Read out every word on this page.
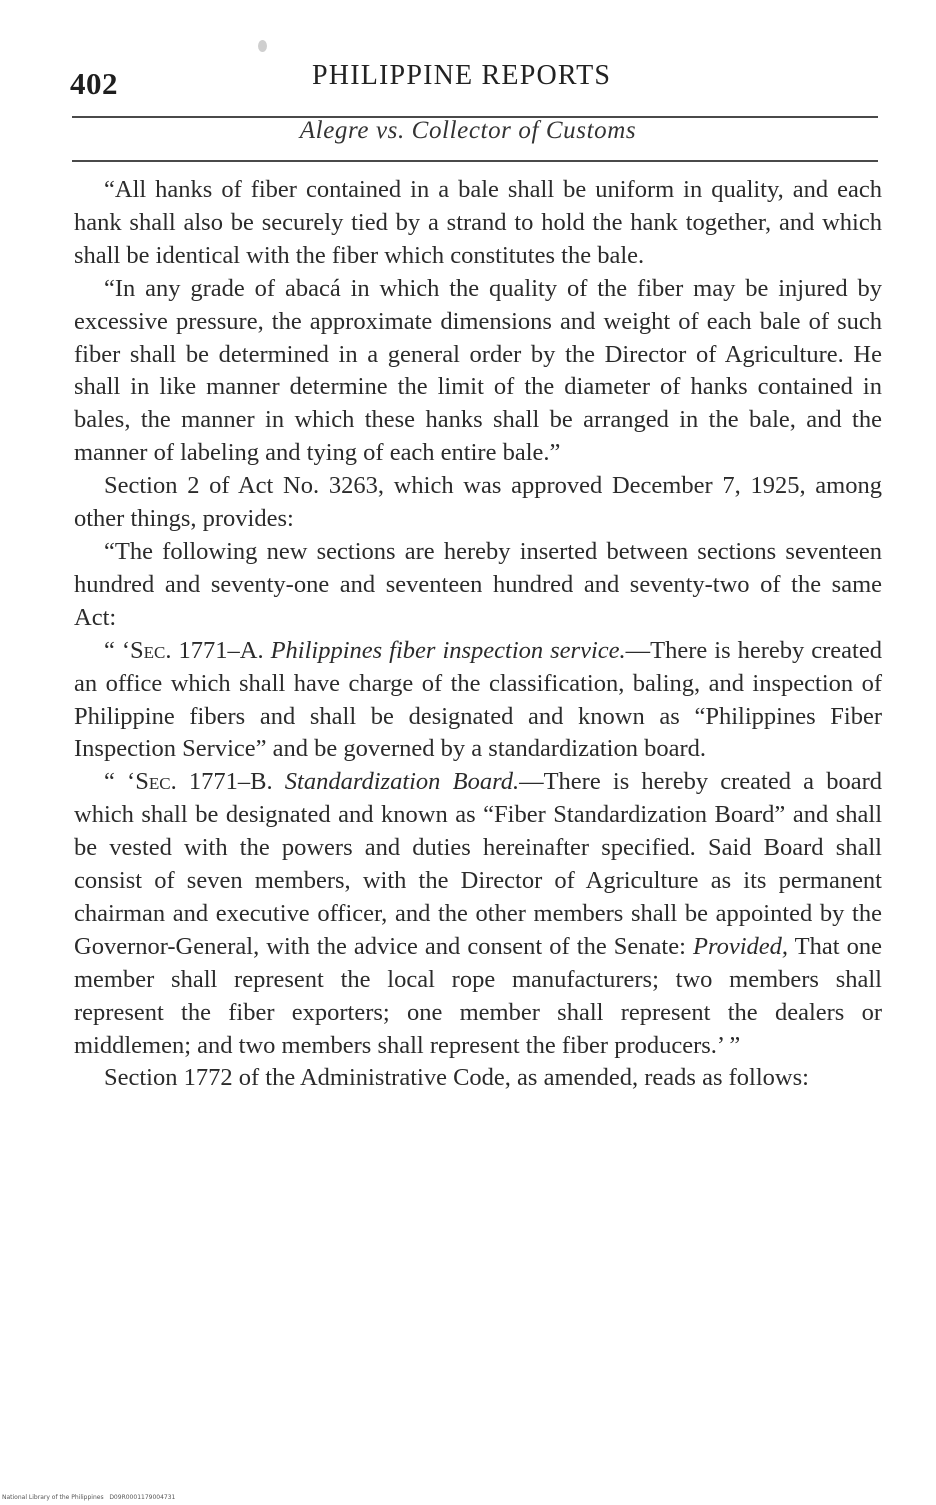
402	PHILIPPINE REPORTS
Alegre vs. Collector of Customs

“All hanks of fiber contained in a bale shall be uniform in quality, and each hank shall also be securely tied by a strand to hold the hank together, and which shall be identical with the fiber which constitutes the bale.

“In any grade of abacá in which the quality of the fiber may be injured by excessive pressure, the approximate dimensions and weight of each bale of such fiber shall be determined in a general order by the Director of Agriculture. He shall in like manner determine the limit of the diameter of hanks contained in bales, the manner in which these hanks shall be arranged in the bale, and the manner of labeling and tying of each entire bale.”

Section 2 of Act No. 3263, which was approved December 7, 1925, among other things, provides:

“The following new sections are hereby inserted between sections seventeen hundred and seventy-one and seventeen hundred and seventy-two of the same Act:

“ ‘Sec. 1771–A. Philippines fiber inspection service.—There is hereby created an office which shall have charge of the classification, baling, and inspection of Philippine fibers and shall be designated and known as “Philippines Fiber Inspection Service” and be governed by a standardization board.

“ ‘Sec. 1771–B. Standardization Board.—There is hereby created a board which shall be designated and known as “Fiber Standardization Board” and shall be vested with the powers and duties hereinafter specified. Said Board shall consist of seven members, with the Director of Agriculture as its permanent chairman and executive officer, and the other members shall be appointed by the Governor-General, with the advice and consent of the Senate: Provided, That one member shall represent the local rope manufacturers; two members shall represent the fiber exporters; one member shall represent the dealers or middlemen; and two members shall represent the fiber producers.’ ”

Section 1772 of the Administrative Code, as amended, reads as follows:

National Library of the Philippines D09R0001179004731
